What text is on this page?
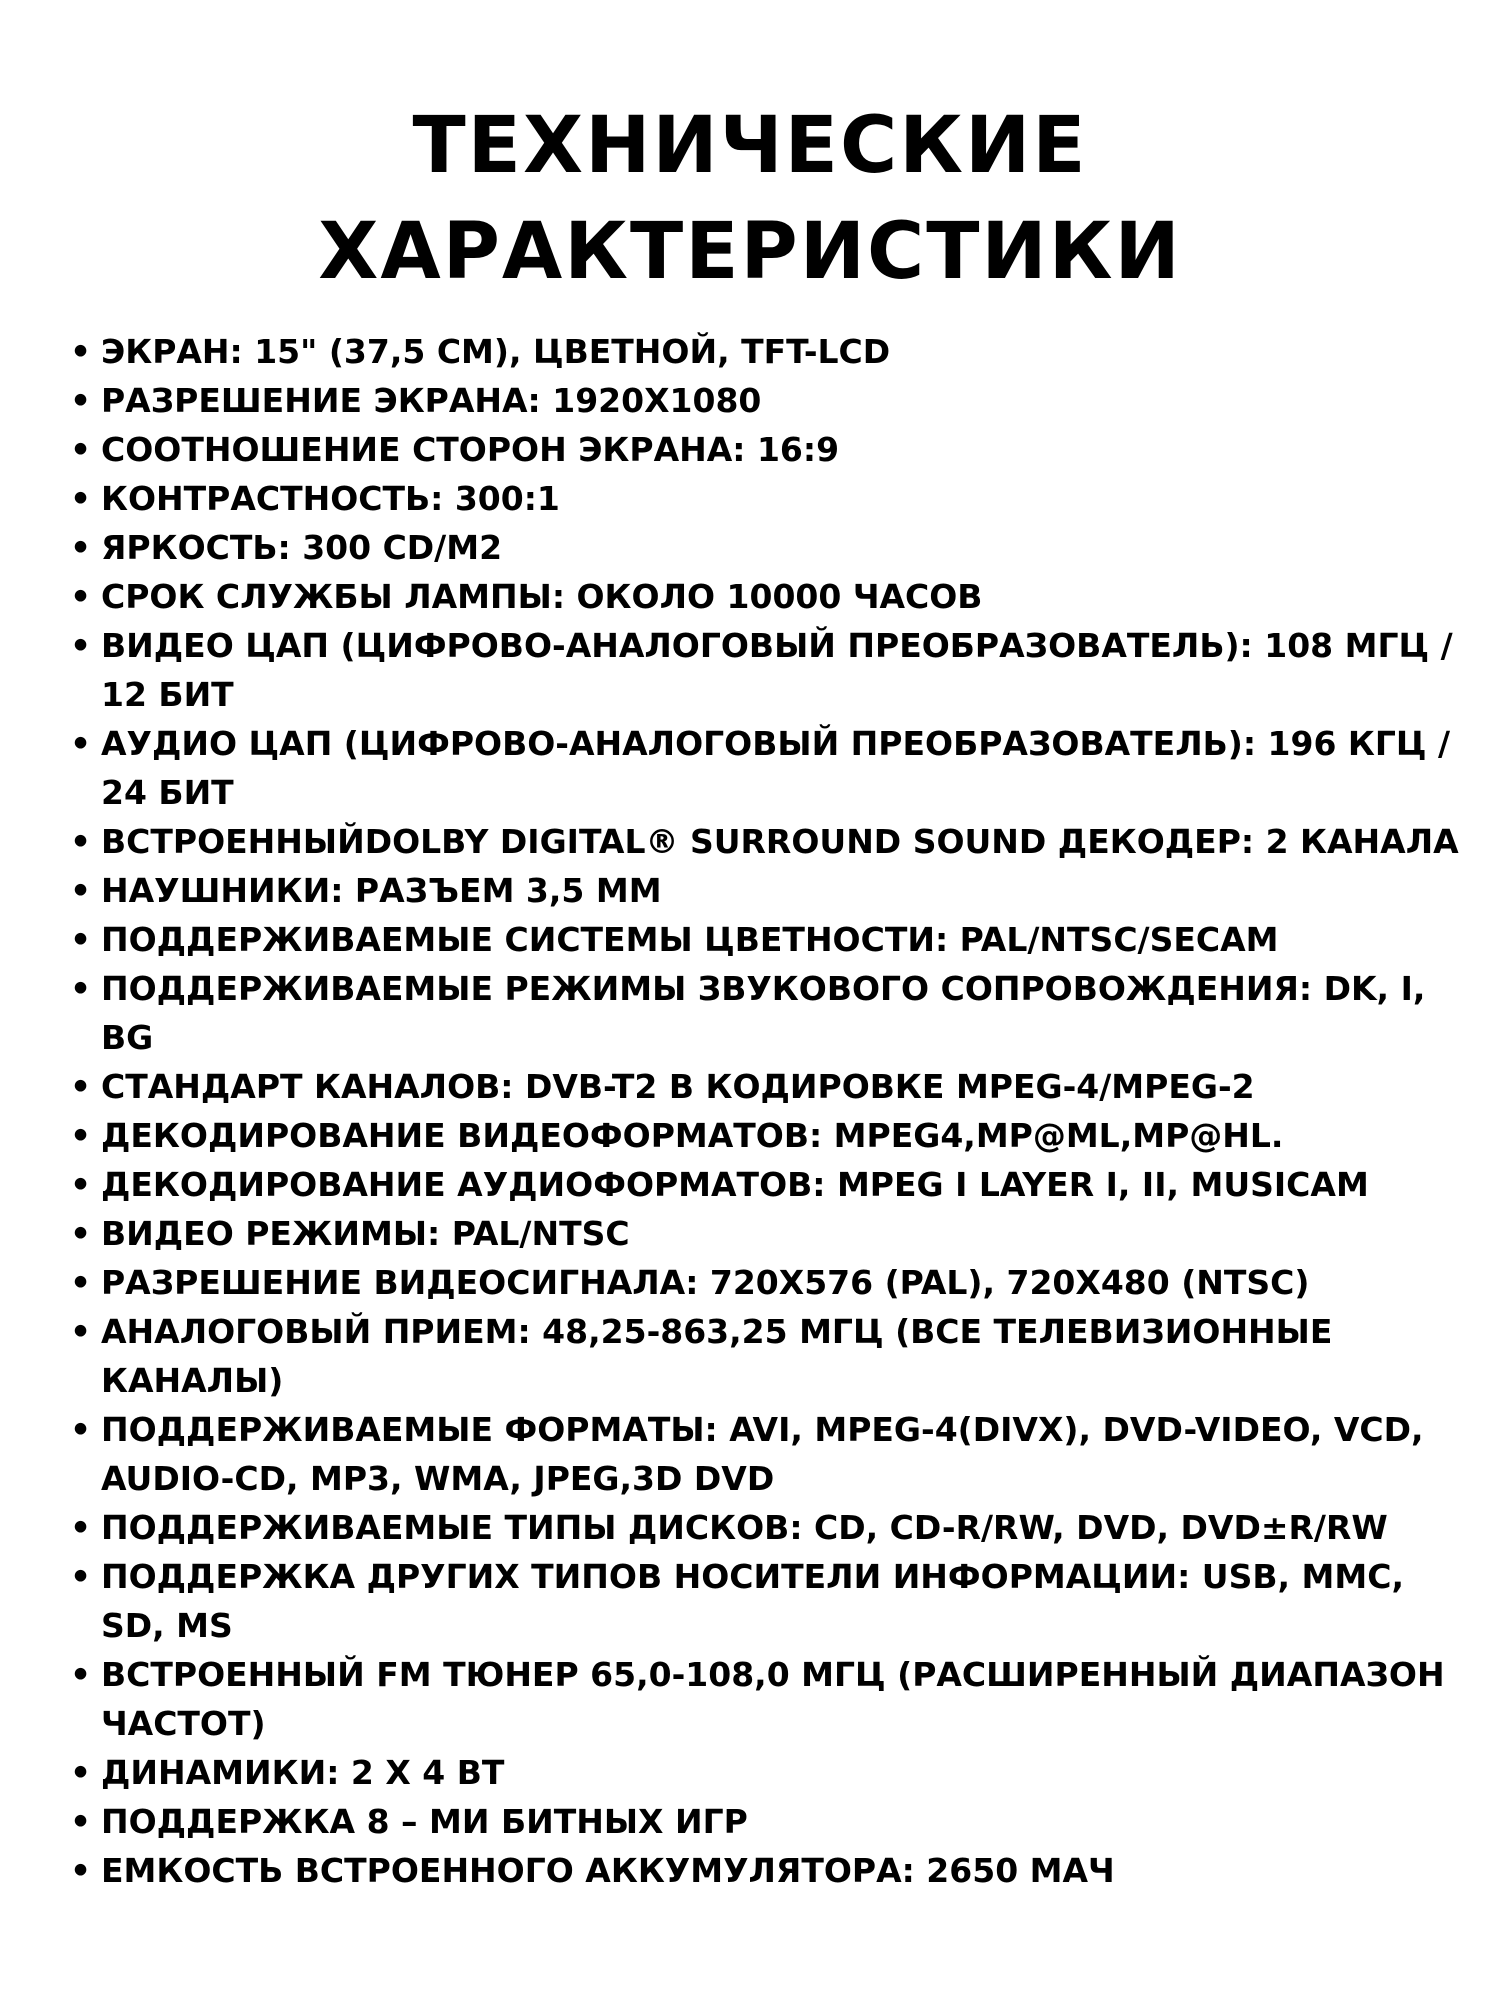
ТЕХНИЧЕСКИЕ
ХАРАКТЕРИСТИКИ
• ЭКРАН: 15" (37,5 СМ), ЦВЕТНОЙ, TFT-LCD
• РАЗРЕШЕНИЕ ЭКРАНА: 1920X1080
• СООТНОШЕНИЕ СТОРОН ЭКРАНА: 16:9
• КОНТРАСТНОСТЬ: 300:1
• ЯРКОСТЬ: 300 CD/M2
• СРОК СЛУЖБЫ ЛАМПЫ: ОКОЛО 10000 ЧАСОВ
• ВИДЕО ЦАП (ЦИФРОВО-АНАЛОГОВЫЙ ПРЕОБРАЗОВАТЕЛЬ): 108 МГЦ / 12 БИТ
• АУДИО ЦАП (ЦИФРОВО-АНАЛОГОВЫЙ ПРЕОБРАЗОВАТЕЛЬ): 196 КГЦ / 24 БИТ
• ВСТРОЕННЫЙDOLBY DIGITAL® SURROUND SOUND ДЕКОДЕР: 2 КАНАЛА
• НАУШНИКИ: РАЗЪЕМ 3,5 ММ
• ПОДДЕРЖИВАЕМЫЕ СИСТЕМЫ ЦВЕТНОСТИ: PAL/NTSC/SECAM
• ПОДДЕРЖИВАЕМЫЕ РЕЖИМЫ ЗВУКОВОГО СОПРОВОЖДЕНИЯ: DK, I, BG
• СТАНДАРТ КАНАЛОВ: DVB-T2 В КОДИРОВКЕ MPEG-4/MPEG-2
• ДЕКОДИРОВАНИЕ ВИДЕОФОРМАТОВ: MPEG4,MP@ML,MP@HL.
• ДЕКОДИРОВАНИЕ АУДИОФОРМАТОВ: MPEG I LAYER I, II, MUSICAM
• ВИДЕО РЕЖИМЫ: PAL/NTSC
• РАЗРЕШЕНИЕ ВИДЕОСИГНАЛА: 720X576 (PAL), 720X480 (NTSC)
• АНАЛОГОВЫЙ ПРИЕМ: 48,25-863,25 МГЦ (ВСЕ ТЕЛЕВИЗИОННЫЕ КАНАЛЫ)
• ПОДДЕРЖИВАЕМЫЕ ФОРМАТЫ: AVI, MPEG-4(DIVX), DVD-VIDEO, VCD, AUDIO-CD, MP3, WMA, JPEG,3D DVD
• ПОДДЕРЖИВАЕМЫЕ ТИПЫ ДИСКОВ: CD, CD-R/RW, DVD, DVD±R/RW
• ПОДДЕРЖКА ДРУГИХ ТИПОВ НОСИТЕЛИ ИНФОРМАЦИИ: USB, MMC, SD, MS
• ВСТРОЕННЫЙ FM ТЮНЕР 65,0-108,0 МГЦ (РАСШИРЕННЫЙ ДИАПАЗОН ЧАСТОТ)
• ДИНАМИКИ: 2 Х 4 ВТ
• ПОДДЕРЖКА 8 – МИ БИТНЫХ ИГР
• ЕМКОСТЬ ВСТРОЕННОГО АККУМУЛЯТОРА: 2650 МАЧ
